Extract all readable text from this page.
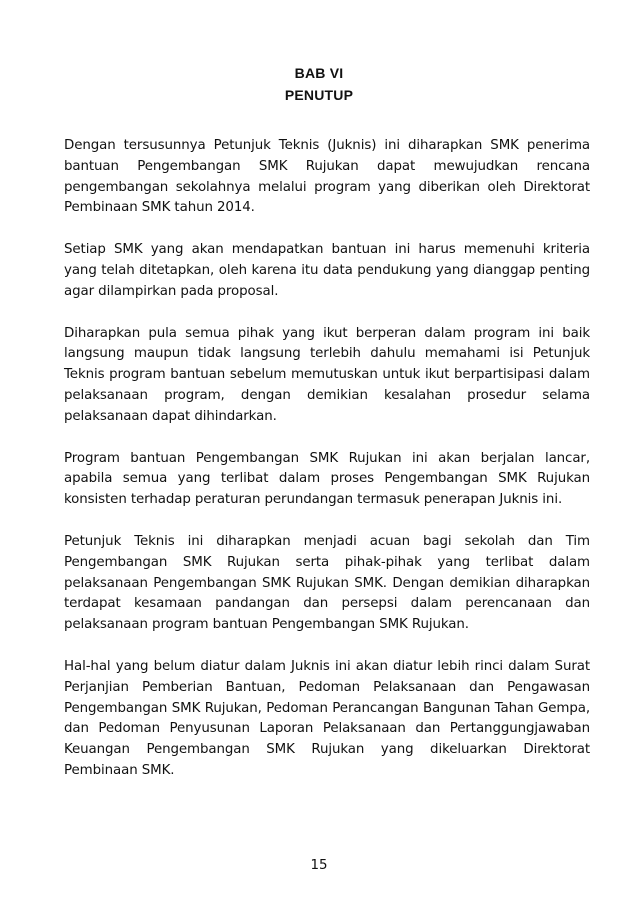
BAB VI
PENUTUP

Dengan tersusunnya Petunjuk Teknis (Juknis) ini diharapkan SMK penerima bantuan Pengembangan SMK Rujukan dapat mewujudkan rencana pengembangan sekolahnya melalui program yang diberikan oleh Direktorat Pembinaan SMK tahun 2014.

Setiap SMK yang akan mendapatkan bantuan ini harus memenuhi kriteria yang telah ditetapkan, oleh karena itu data pendukung yang dianggap penting agar dilampirkan pada proposal.

Diharapkan pula semua pihak yang ikut berperan dalam program ini baik langsung maupun tidak langsung terlebih dahulu memahami isi Petunjuk Teknis program bantuan sebelum memutuskan untuk ikut berpartisipasi dalam pelaksanaan program, dengan demikian kesalahan prosedur selama pelaksanaan dapat dihindarkan.

Program bantuan Pengembangan SMK Rujukan ini akan berjalan lancar, apabila semua yang terlibat dalam proses Pengembangan SMK Rujukan konsisten terhadap peraturan perundangan termasuk penerapan Juknis ini.

Petunjuk Teknis ini diharapkan menjadi acuan bagi sekolah dan Tim Pengembangan SMK Rujukan serta pihak-pihak yang terlibat dalam pelaksanaan Pengembangan SMK Rujukan SMK. Dengan demikian diharapkan terdapat kesamaan pandangan dan persepsi dalam perencanaan dan pelaksanaan program bantuan Pengembangan SMK Rujukan.

Hal-hal yang belum diatur dalam Juknis ini akan diatur lebih rinci dalam Surat Perjanjian Pemberian Bantuan, Pedoman Pelaksanaan dan Pengawasan Pengembangan SMK Rujukan, Pedoman Perancangan Bangunan Tahan Gempa, dan Pedoman Penyusunan Laporan Pelaksanaan dan Pertanggungjawaban Keuangan Pengembangan SMK Rujukan yang dikeluarkan Direktorat Pembinaan SMK.

15
